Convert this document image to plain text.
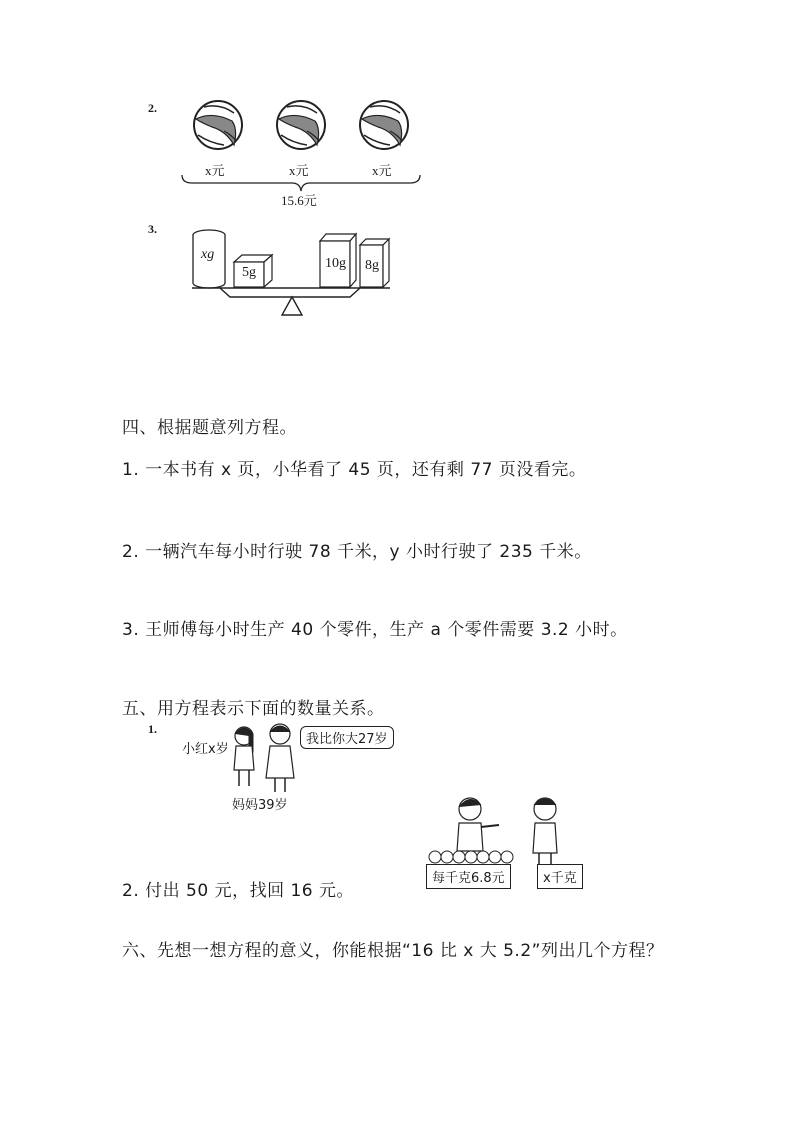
2.
x元	x元	x元
15.6元
3.
xg
5g
10g 8g
四、根据题意列方程。
1. 一本书有 x 页，小华看了 45 页，还有剩 77 页没看完。
2. 一辆汽车每小时行驶 78 千米，y 小时行驶了 235 千米。
3. 王师傅每小时生产 40 个零件，生产 a 个零件需要 3.2 小时。
五、用方程表示下面的数量关系。
1.
小红x岁
我比你大27岁
妈妈39岁
2. 付出 50 元，找回 16 元。
每千克6.8元	x千克
六、先想一想方程的意义，你能根据“16 比 x 大 5.2”列出几个方程？
